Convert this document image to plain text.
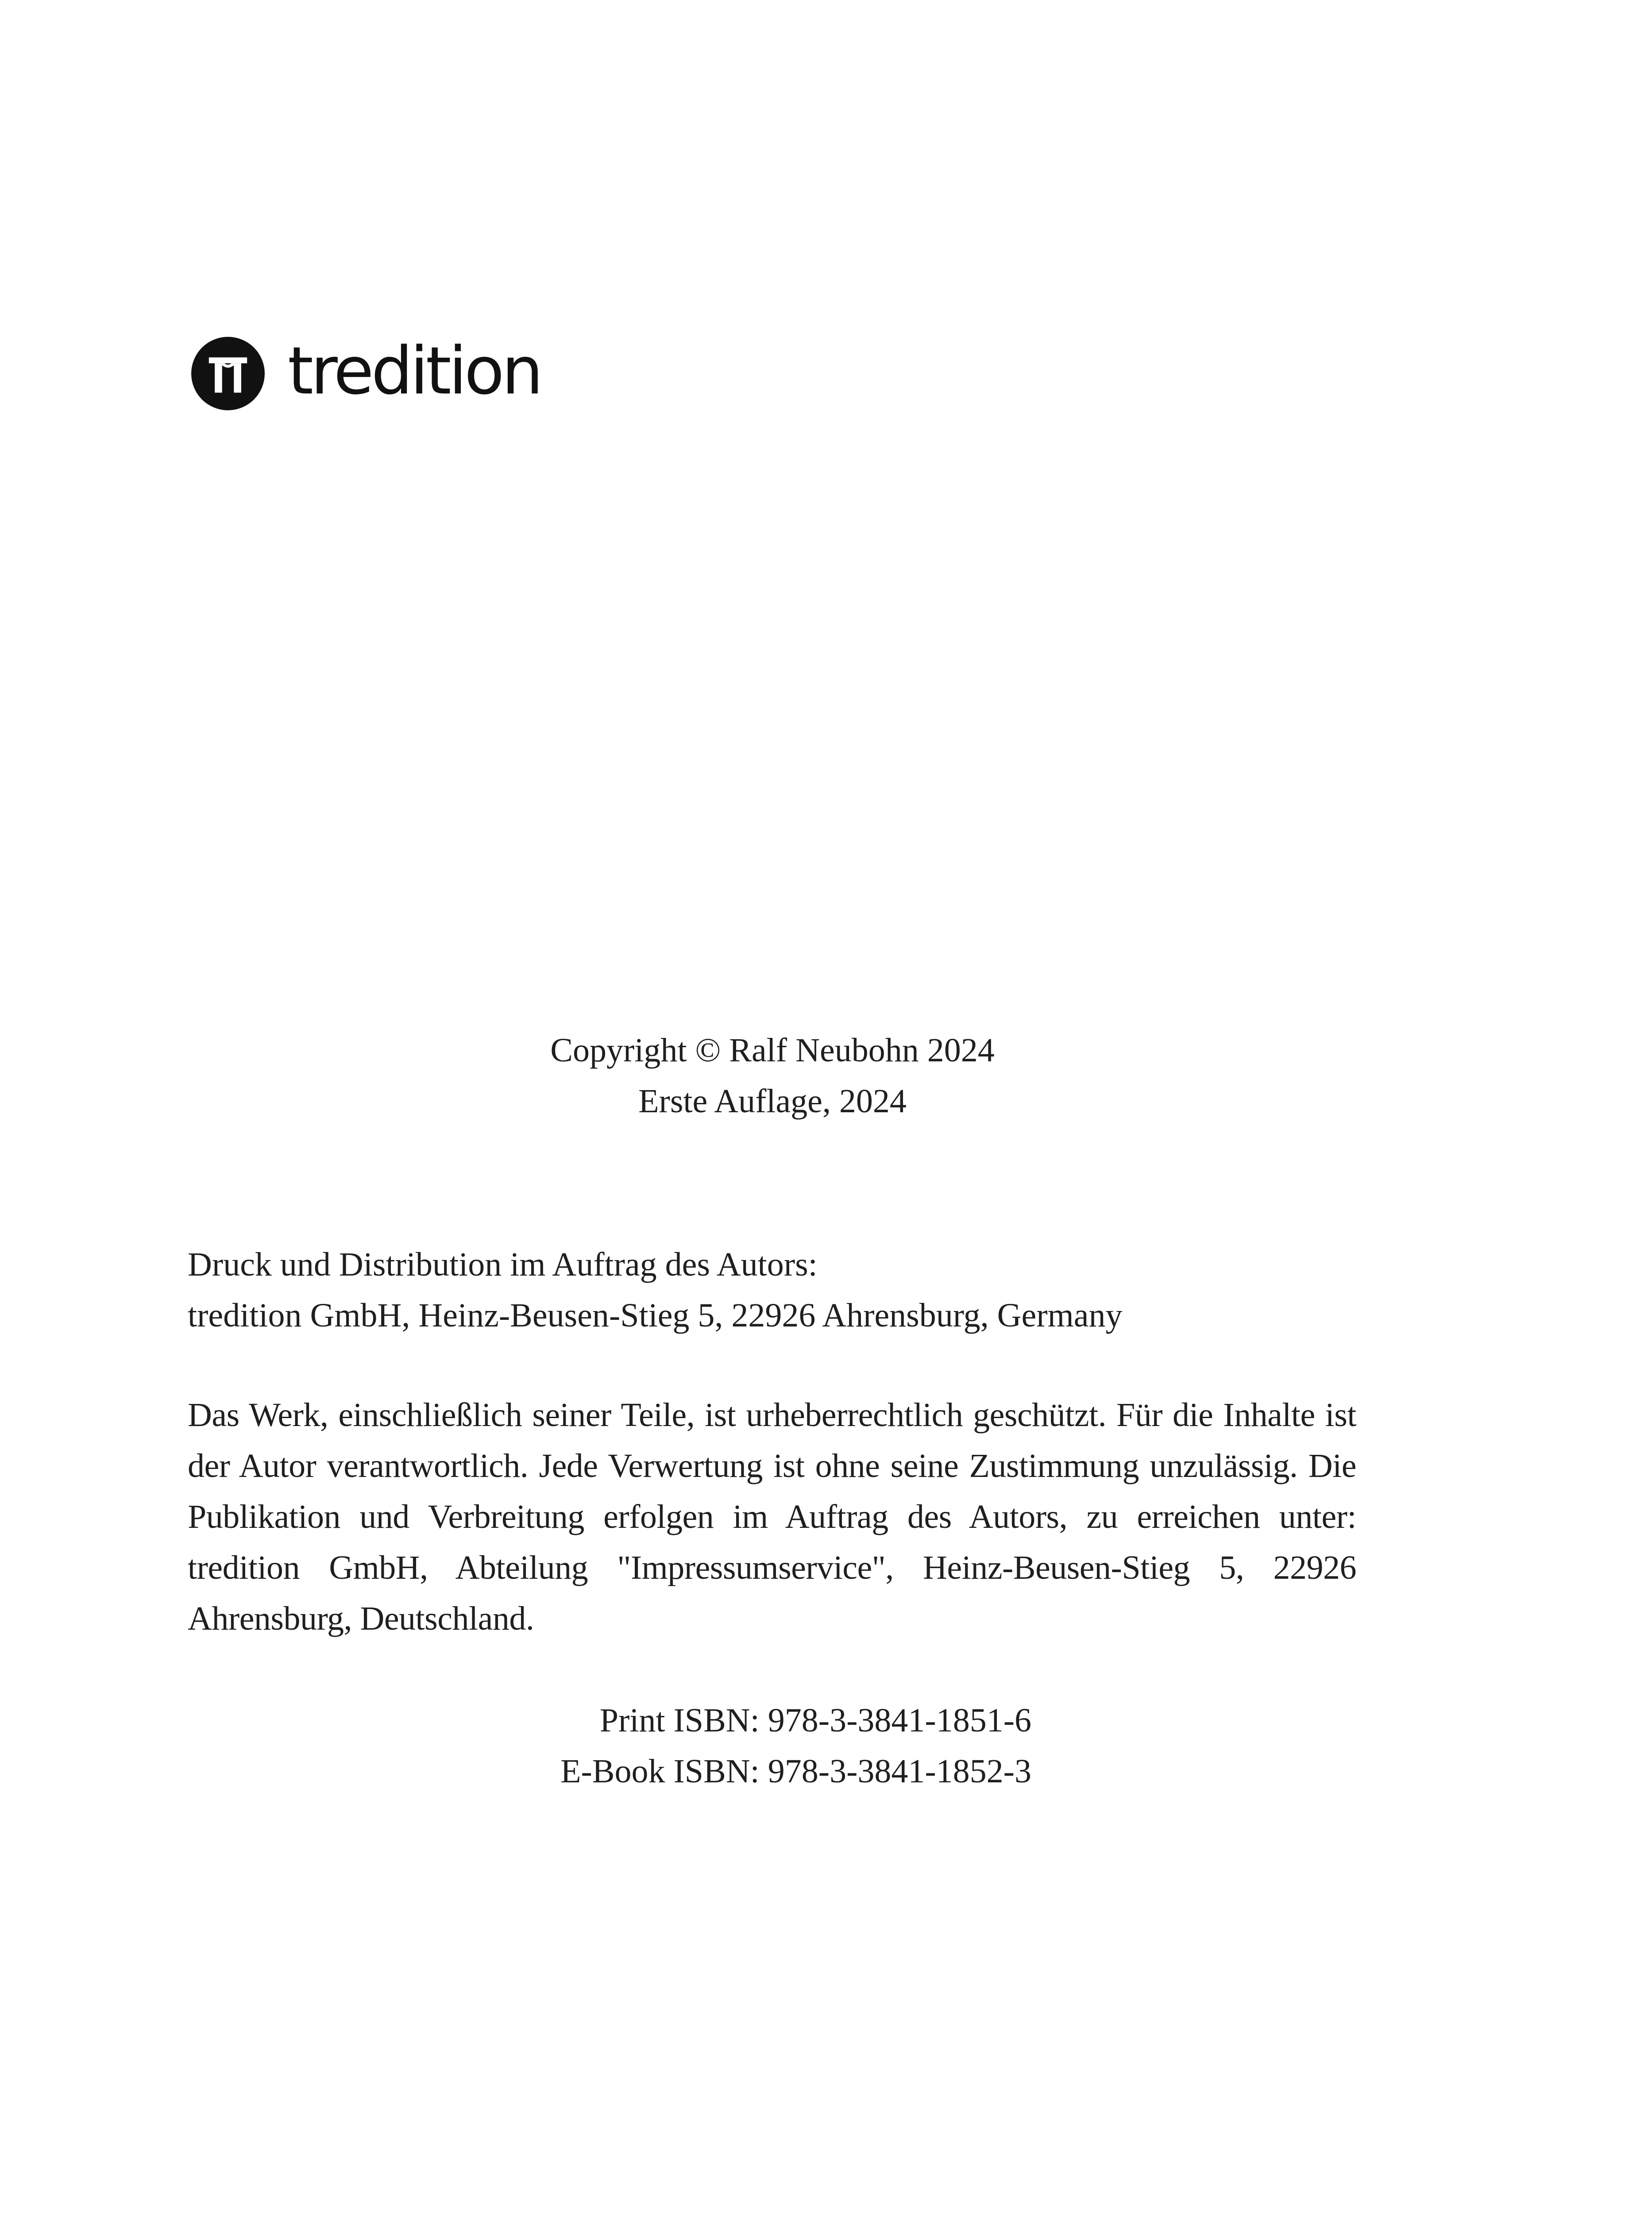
tredition
Copyright © Ralf Neubohn 2024
Erste Auflage, 2024
Druck und Distribution im Auftrag des Autors:
tredition GmbH, Heinz-Beusen-Stieg 5, 22926 Ahrensburg, Germany
Das Werk, einschließlich seiner Teile, ist urheberrechtlich geschützt. Für die Inhalte ist der Autor verantwortlich. Jede Verwertung ist ohne seine Zustimmung unzulässig. Die Publikation und Verbreitung erfolgen im Auftrag des Autors, zu erreichen unter: tredition GmbH, Abteilung "Impressumservice", Heinz-Beusen-Stieg 5, 22926 Ahrensburg, Deutschland.
Print ISBN: 978-3-3841-1851-6
E-Book ISBN: 978-3-3841-1852-3
